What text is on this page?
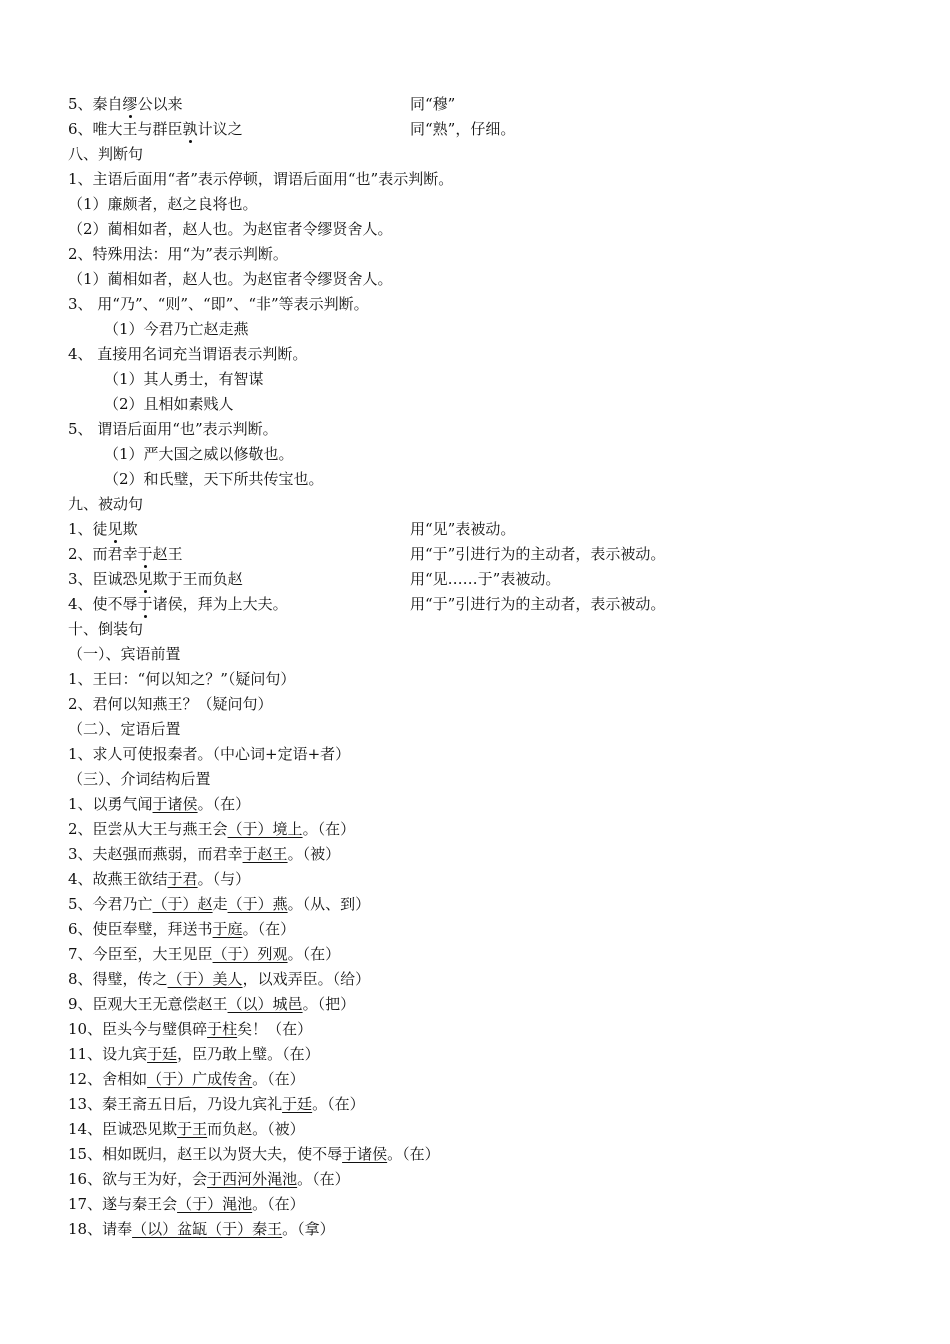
5、秦自缪公以来	同“穆”
6、唯大王与群臣孰计议之	同“熟”，仔细。
八、判断句
1、主语后面用“者”表示停顿，谓语后面用“也”表示判断。
（1）廉颇者，赵之良将也。
（2）蔺相如者，赵人也。为赵宦者令缪贤舍人。
2、特殊用法：用“为”表示判断。
（1）蔺相如者，赵人也。为赵宦者令缪贤舍人。
3、 用“乃”、“则”、“即”、“非”等表示判断。
（1）今君乃亡赵走燕
4、 直接用名词充当谓语表示判断。
（1）其人勇士，有智谋
（2）且相如素贱人
5、 谓语后面用“也”表示判断。
（1）严大国之威以修敬也。
（2）和氏璧，天下所共传宝也。
九、被动句
1、徒见欺	用“见”表被动。
2、而君幸于赵王	用“于”引进行为的主动者，表示被动。
3、臣诚恐见欺于王而负赵	用“见……于”表被动。
4、使不辱于诸侯，拜为上大夫。	用“于”引进行为的主动者，表示被动。
十、倒装句
（一）、宾语前置
1、王曰：“何以知之？”（疑问句）
2、君何以知燕王？（疑问句）
（二）、定语后置
1、求人可使报秦者。（中心词+定语+者）
（三）、介词结构后置
1、以勇气闻于诸侯。（在）
2、臣尝从大王与燕王会（于）境上。（在）
3、夫赵强而燕弱，而君幸于赵王。（被）
4、故燕王欲结于君。（与）
5、今君乃亡（于）赵走（于）燕。（从、到）
6、使臣奉璧，拜送书于庭。（在）
7、今臣至，大王见臣（于）列观。（在）
8、得璧，传之（于）美人，以戏弄臣。（给）
9、臣观大王无意偿赵王（以）城邑。（把）
10、臣头今与璧俱碎于柱矣！（在）
11、设九宾于廷，臣乃敢上璧。（在）
12、舍相如（于）广成传舍。（在）
13、秦王斋五日后，乃设九宾礼于廷。（在）
14、臣诚恐见欺于王而负赵。（被）
15、相如既归，赵王以为贤大夫，使不辱于诸侯。（在）
16、欲与王为好，会于西河外渑池。（在）
17、遂与秦王会（于）渑池。（在）
18、请奉（以）盆缻（于）秦王。（拿）
